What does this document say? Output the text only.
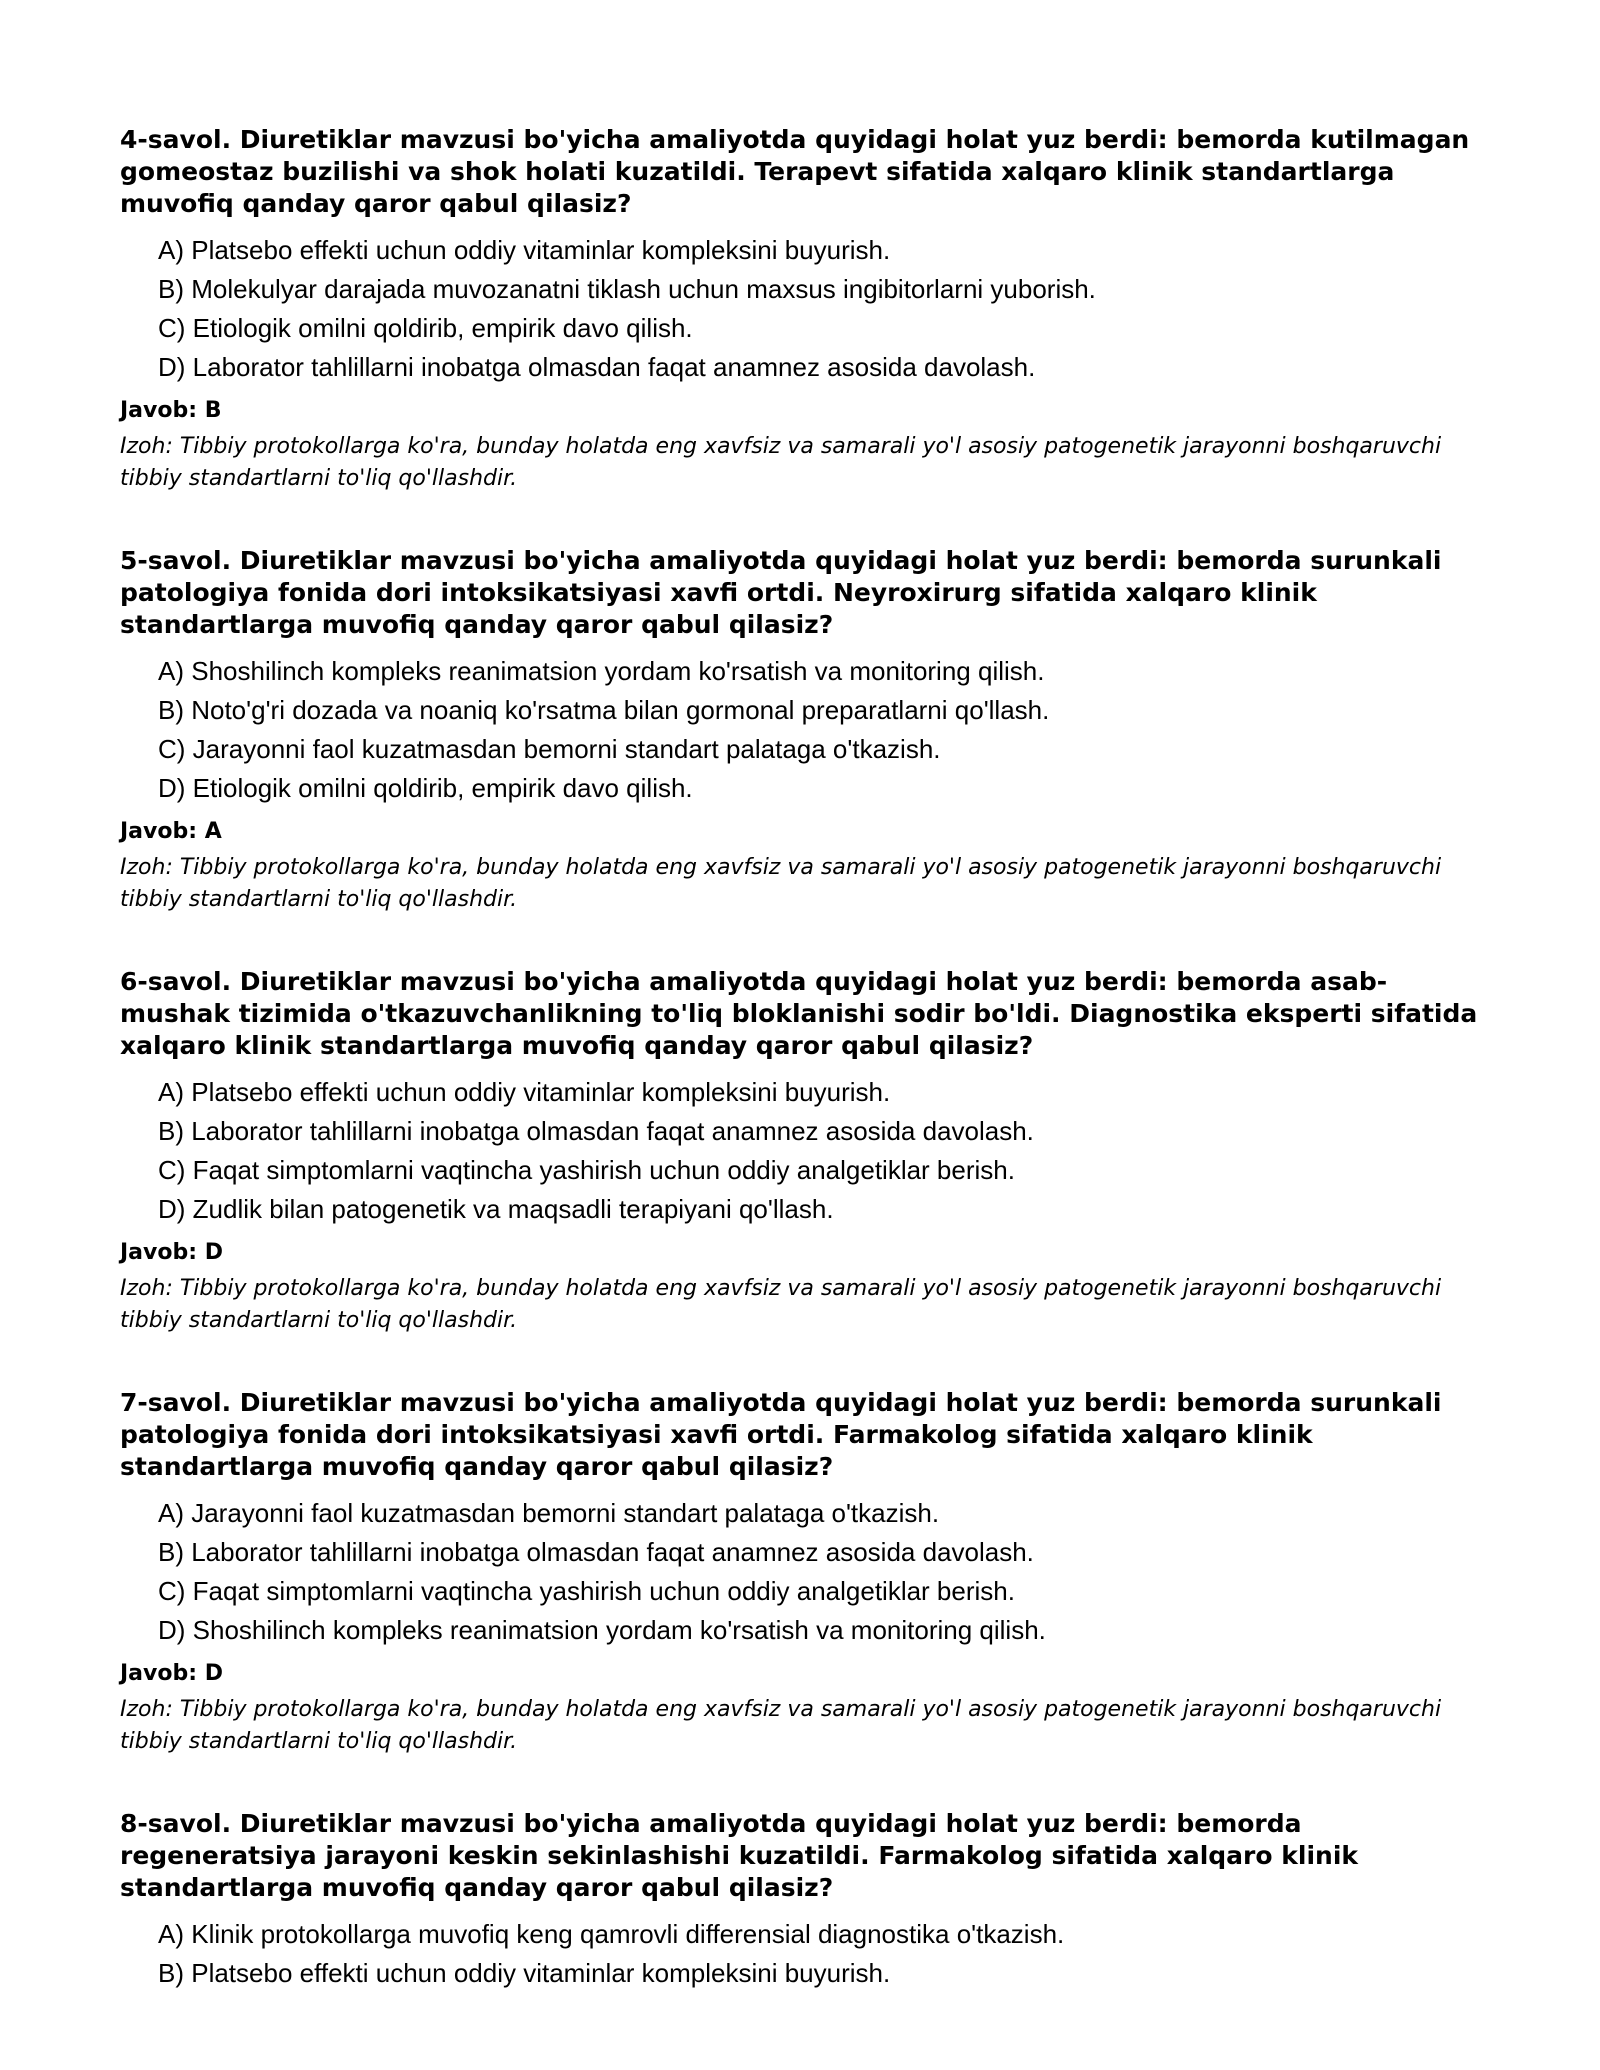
4-savol. Diuretiklar mavzusi bo'yicha amaliyotda quyidagi holat yuz berdi: bemorda kutilmagan gomeostaz buzilishi va shok holati kuzatildi. Terapevt sifatida xalqaro klinik standartlarga muvofiq qanday qaror qabul qilasiz?

A) Platsebo effekti uchun oddiy vitaminlar kompleksini buyurish.
B) Molekulyar darajada muvozanatni tiklash uchun maxsus ingibitorlarni yuborish.
C) Etiologik omilni qoldirib, empirik davo qilish.
D) Laborator tahlillarni inobatga olmasdan faqat anamnez asosida davolash.

Javob: B

Izoh: Tibbiy protokollarga ko'ra, bunday holatda eng xavfsiz va samarali yo'l asosiy patogenetik jarayonni boshqaruvchi tibbiy standartlarni to'liq qo'llashdir.

5-savol. Diuretiklar mavzusi bo'yicha amaliyotda quyidagi holat yuz berdi: bemorda surunkali patologiya fonida dori intoksikatsiyasi xavfi ortdi. Neyroxirurg sifatida xalqaro klinik standartlarga muvofiq qanday qaror qabul qilasiz?

A) Shoshilinch kompleks reanimatsion yordam ko'rsatish va monitoring qilish.
B) Noto'g'ri dozada va noaniq ko'rsatma bilan gormonal preparatlarni qo'llash.
C) Jarayonni faol kuzatmasdan bemorni standart palataga o'tkazish.
D) Etiologik omilni qoldirib, empirik davo qilish.

Javob: A

Izoh: Tibbiy protokollarga ko'ra, bunday holatda eng xavfsiz va samarali yo'l asosiy patogenetik jarayonni boshqaruvchi tibbiy standartlarni to'liq qo'llashdir.

6-savol. Diuretiklar mavzusi bo'yicha amaliyotda quyidagi holat yuz berdi: bemorda asab-mushak tizimida o'tkazuvchanlikning to'liq bloklanishi sodir bo'ldi. Diagnostika eksperti sifatida xalqaro klinik standartlarga muvofiq qanday qaror qabul qilasiz?

A) Platsebo effekti uchun oddiy vitaminlar kompleksini buyurish.
B) Laborator tahlillarni inobatga olmasdan faqat anamnez asosida davolash.
C) Faqat simptomlarni vaqtincha yashirish uchun oddiy analgetiklar berish.
D) Zudlik bilan patogenetik va maqsadli terapiyani qo'llash.

Javob: D

Izoh: Tibbiy protokollarga ko'ra, bunday holatda eng xavfsiz va samarali yo'l asosiy patogenetik jarayonni boshqaruvchi tibbiy standartlarni to'liq qo'llashdir.

7-savol. Diuretiklar mavzusi bo'yicha amaliyotda quyidagi holat yuz berdi: bemorda surunkali patologiya fonida dori intoksikatsiyasi xavfi ortdi. Farmakolog sifatida xalqaro klinik standartlarga muvofiq qanday qaror qabul qilasiz?

A) Jarayonni faol kuzatmasdan bemorni standart palataga o'tkazish.
B) Laborator tahlillarni inobatga olmasdan faqat anamnez asosida davolash.
C) Faqat simptomlarni vaqtincha yashirish uchun oddiy analgetiklar berish.
D) Shoshilinch kompleks reanimatsion yordam ko'rsatish va monitoring qilish.

Javob: D

Izoh: Tibbiy protokollarga ko'ra, bunday holatda eng xavfsiz va samarali yo'l asosiy patogenetik jarayonni boshqaruvchi tibbiy standartlarni to'liq qo'llashdir.

8-savol. Diuretiklar mavzusi bo'yicha amaliyotda quyidagi holat yuz berdi: bemorda regeneratsiya jarayoni keskin sekinlashishi kuzatildi. Farmakolog sifatida xalqaro klinik standartlarga muvofiq qanday qaror qabul qilasiz?

A) Klinik protokollarga muvofiq keng qamrovli differensial diagnostika o'tkazish.
B) Platsebo effekti uchun oddiy vitaminlar kompleksini buyurish.
